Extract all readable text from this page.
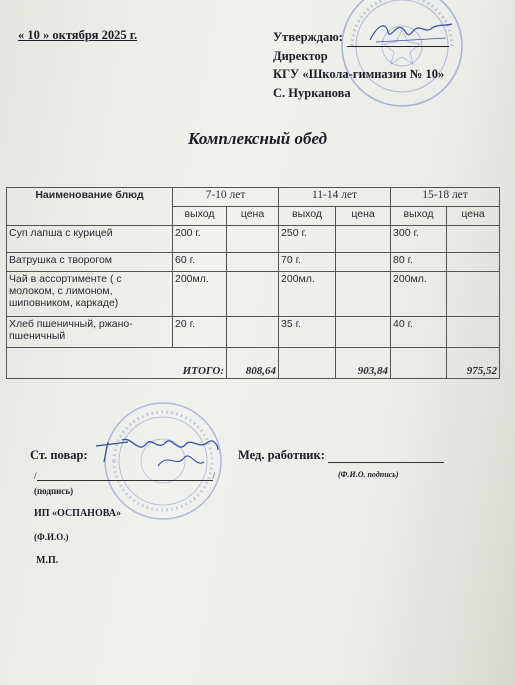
« 10 » октября 2025 г.	Утверждаю:
Директор
КГУ «Школа-гимназия № 10»
С. Нурканова
Комплексный обед
Наименование блюд	7-10 лет		11-14 лет		15-18 лет	
	выход	цена	выход	цена	выход	цена
Суп лапша с курицей	200 г.		250 г.		300 г.	
Ватрушка с творогом	60 г.		70 г.		80 г.	
Чай в ассортименте ( с молоком, с лимоном, шиповником, каркаде)	200мл.		200мл.		200мл.	
Хлеб пшеничный, ржано-пшеничный	20 г.		35 г.		40 г.	
ИТОГО:		808,64		903,84		975,52
Ст. повар:	Мед. работник:
(Ф.И.О. подпись)
/	/
(подпись)
ИП «ОСПАНОВА»
(Ф.И.О.)
М.П.
